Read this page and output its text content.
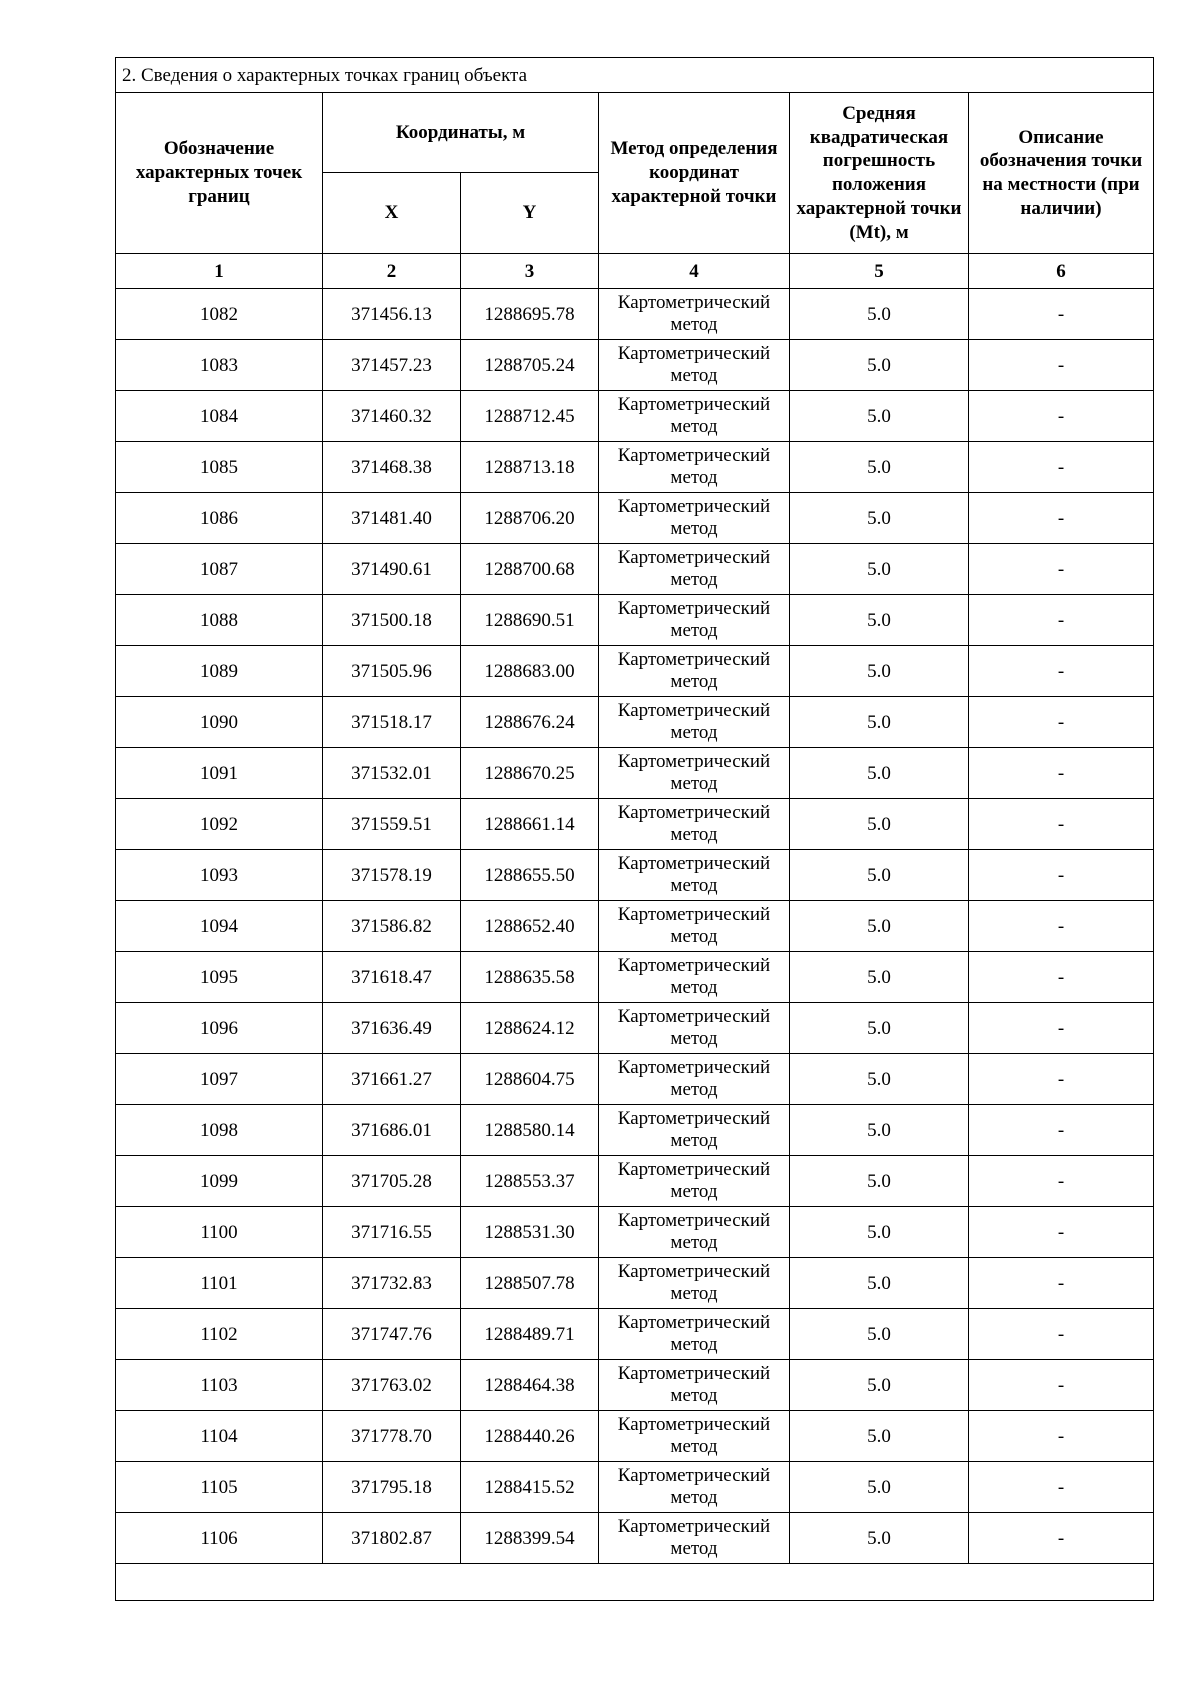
2. Сведения о характерных точках границ объекта					
Обозначение характерных точек границ	Координаты, м		Метод определения координат характерной точки	Средняя квадратическая погрешность положения характерной точки (Mt), м	Описание обозначения точки на местности (при наличии)
	X	Y			
1	2	3	4	5	6
1082	371456.13	1288695.78	Картометрический метод	5.0	-
1083	371457.23	1288705.24	Картометрический метод	5.0	-
1084	371460.32	1288712.45	Картометрический метод	5.0	-
1085	371468.38	1288713.18	Картометрический метод	5.0	-
1086	371481.40	1288706.20	Картометрический метод	5.0	-
1087	371490.61	1288700.68	Картометрический метод	5.0	-
1088	371500.18	1288690.51	Картометрический метод	5.0	-
1089	371505.96	1288683.00	Картометрический метод	5.0	-
1090	371518.17	1288676.24	Картометрический метод	5.0	-
1091	371532.01	1288670.25	Картометрический метод	5.0	-
1092	371559.51	1288661.14	Картометрический метод	5.0	-
1093	371578.19	1288655.50	Картометрический метод	5.0	-
1094	371586.82	1288652.40	Картометрический метод	5.0	-
1095	371618.47	1288635.58	Картометрический метод	5.0	-
1096	371636.49	1288624.12	Картометрический метод	5.0	-
1097	371661.27	1288604.75	Картометрический метод	5.0	-
1098	371686.01	1288580.14	Картометрический метод	5.0	-
1099	371705.28	1288553.37	Картометрический метод	5.0	-
1100	371716.55	1288531.30	Картометрический метод	5.0	-
1101	371732.83	1288507.78	Картометрический метод	5.0	-
1102	371747.76	1288489.71	Картометрический метод	5.0	-
1103	371763.02	1288464.38	Картометрический метод	5.0	-
1104	371778.70	1288440.26	Картометрический метод	5.0	-
1105	371795.18	1288415.52	Картометрический метод	5.0	-
1106	371802.87	1288399.54	Картометрический метод	5.0	-
